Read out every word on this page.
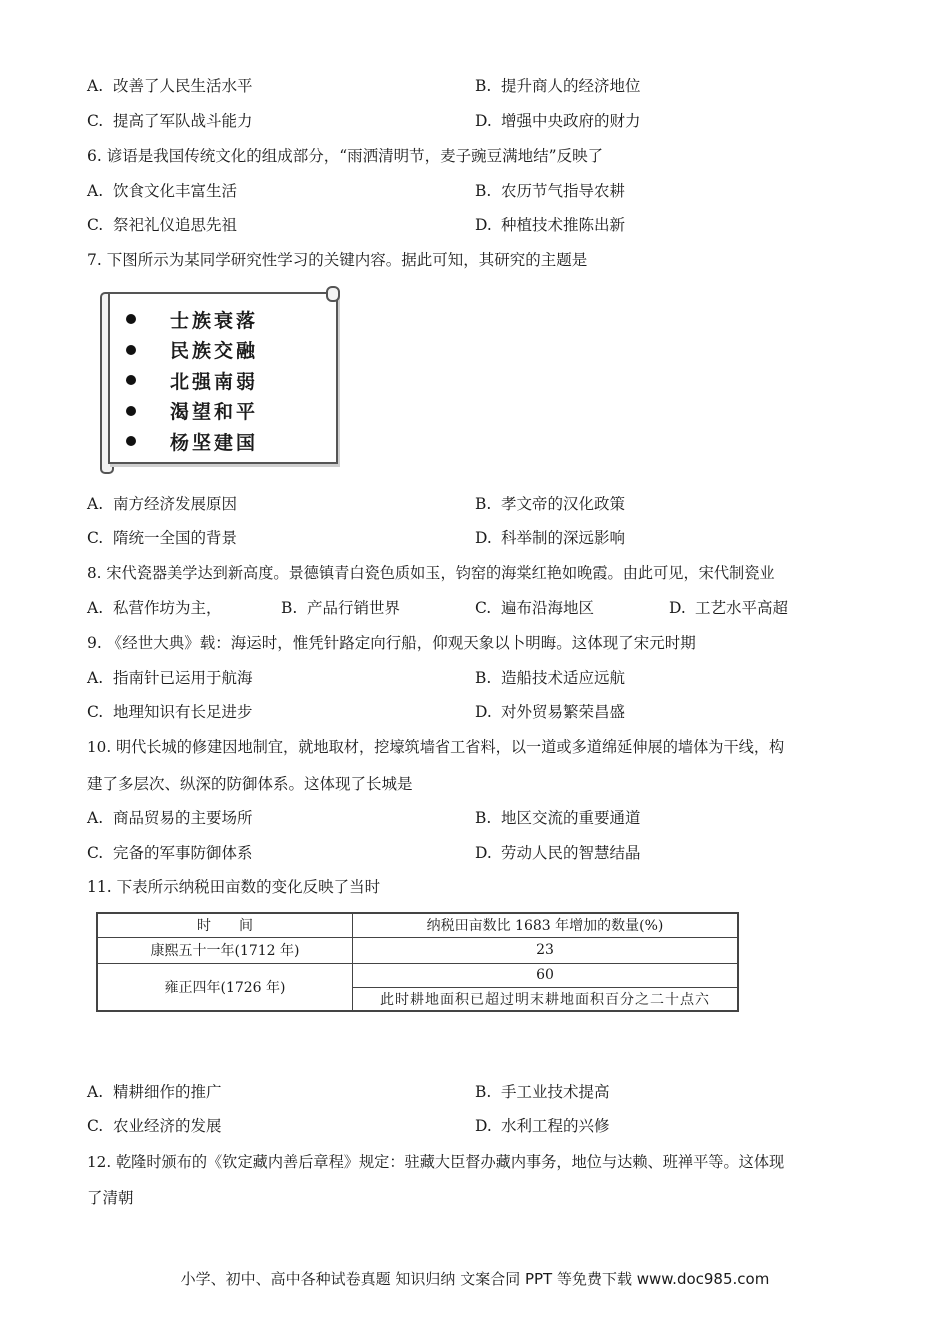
A. 改善了人民生活水平	B. 提升商人的经济地位
C. 提高了军队战斗能力	D. 增强中央政府的财力
6. 谚语是我国传统文化的组成部分，“雨洒清明节，麦子豌豆满地结”反映了
A. 饮食文化丰富生活	B. 农历节气指导农耕
C. 祭祀礼仪追思先祖	D. 种植技术推陈出新
7. 下图所示为某同学研究性学习的关键内容。据此可知，其研究的主题是
士族衰落
民族交融
北强南弱
渴望和平
杨坚建国
A. 南方经济发展原因	B. 孝文帝的汉化政策
C. 隋统一全国的背景	D. 科举制的深远影响
8. 宋代瓷器美学达到新高度。景德镇青白瓷色质如玉，钧窑的海棠红艳如晚霞。由此可见，宋代制瓷业
A. 私营作坊为主，	B. 产品行销世界	C. 遍布沿海地区	D. 工艺水平高超
9. 《经世大典》载：海运时，惟凭针路定向行船，仰观天象以卜明晦。这体现了宋元时期
A. 指南针已运用于航海	B. 造船技术适应远航
C. 地理知识有长足进步	D. 对外贸易繁荣昌盛
10. 明代长城的修建因地制宜，就地取材，挖壕筑墙省工省料，以一道或多道绵延伸展的墙体为干线，构
建了多层次、纵深的防御体系。这体现了长城是
A. 商品贸易的主要场所	B. 地区交流的重要通道
C. 完备的军事防御体系	D. 劳动人民的智慧结晶
11. 下表所示纳税田亩数的变化反映了当时
时　　间	纳税田亩数比 1683 年增加的数量(%)
康熙五十一年(1712 年)	23
雍正四年(1726 年)	60
	此时耕地面积已超过明末耕地面积百分之二十点六
A. 精耕细作的推广	B. 手工业技术提高
C. 农业经济的发展	D. 水利工程的兴修
12. 乾隆时颁布的《钦定藏内善后章程》规定：驻藏大臣督办藏内事务，地位与达赖、班禅平等。这体现
了清朝
小学、初中、高中各种试卷真题 知识归纳 文案合同 PPT 等免费下载 www.doc985.com
